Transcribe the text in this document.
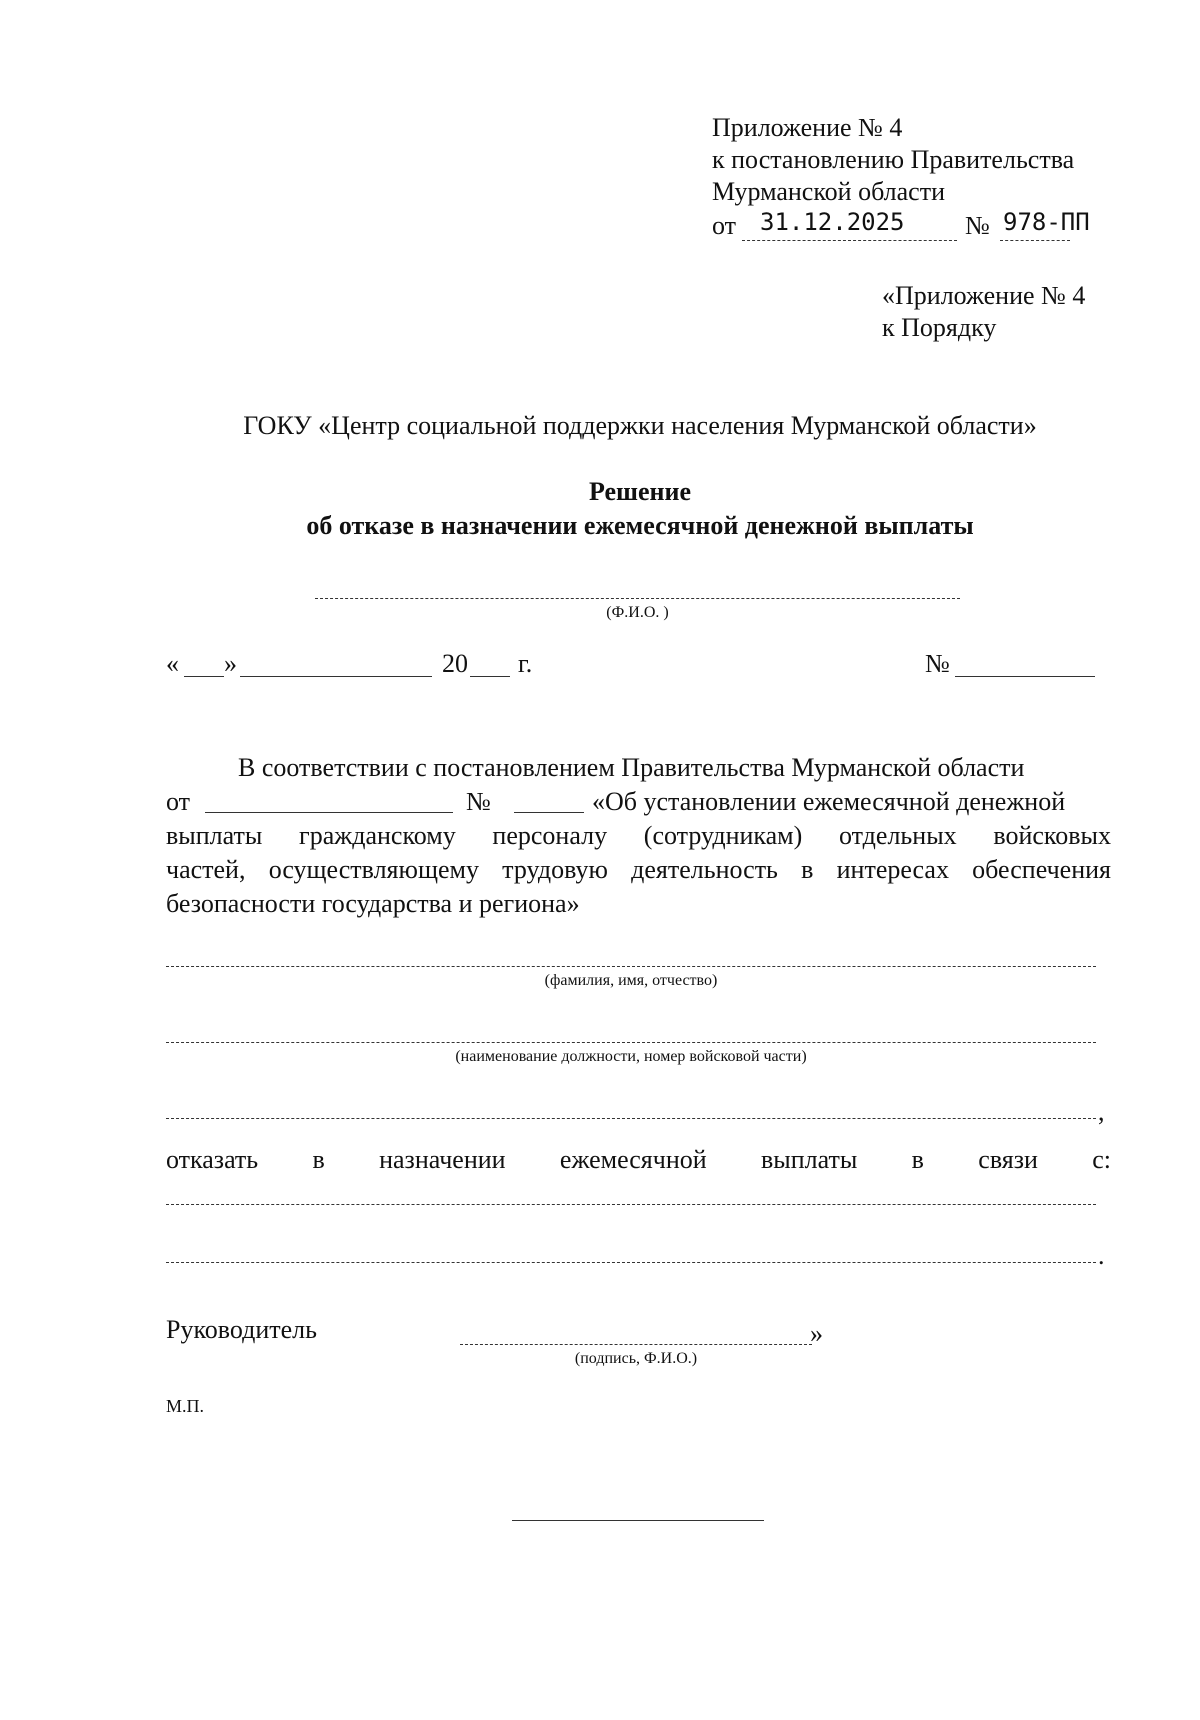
Приложение № 4
к постановлению Правительства
Мурманской области
от 31.12.2025 № 978-ПП
«Приложение № 4
к Порядку
ГОКУ «Центр социальной поддержки населения Мурманской области»
Решение
об отказе в назначении ежемесячной денежной выплаты
(Ф.И.О. )
« »	20 г.	№
В соответствии с постановлением Правительства Мурманской области
от	№	«Об установлении ежемесячной денежной
выплаты гражданскому персоналу (сотрудникам) отдельных войсковых
частей, осуществляющему трудовую деятельность в интересах обеспечения
безопасности государства и региона»
(фамилия, имя, отчество)
(наименование должности, номер войсковой части)
,
отказать в назначении ежемесячной выплаты в связи с:
.
Руководитель	»
(подпись, Ф.И.О.)
М.П.
